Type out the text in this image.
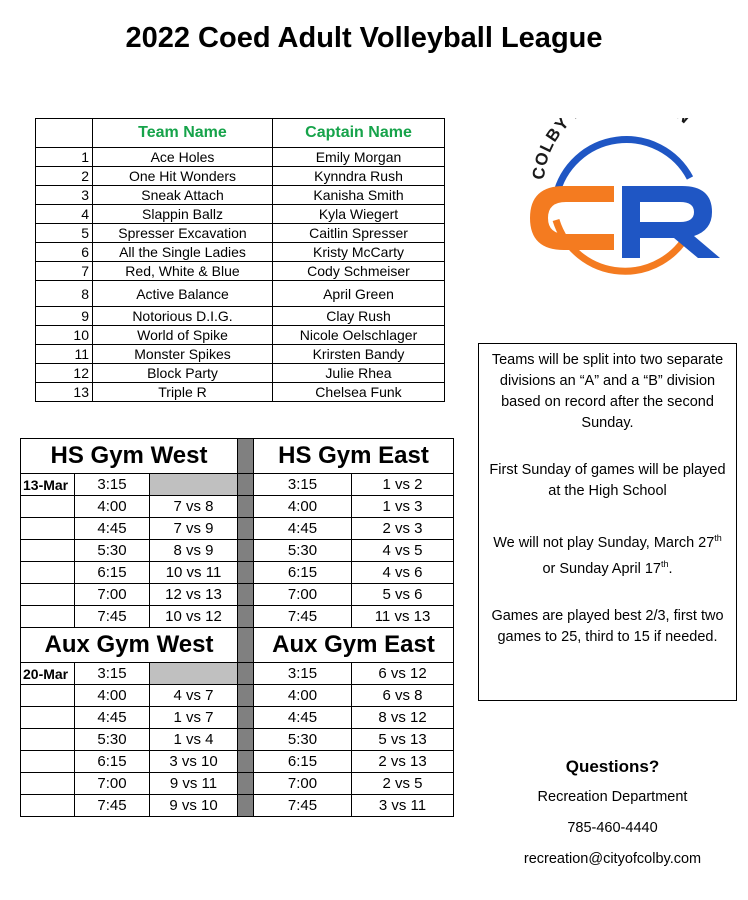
2022 Coed Adult Volleyball League
	Team Name	Captain Name
1	Ace Holes	Emily Morgan
2	One Hit Wonders	Kynndra Rush
3	Sneak Attach	Kanisha Smith
4	Slappin Ballz	Kyla Wiegert
5	Spresser Excavation	Caitlin Spresser
6	All the Single Ladies	Kristy McCarty
7	Red, White & Blue	Cody Schmeiser
8	Active Balance	April Green
9	Notorious D.I.G.	Clay Rush
10	World of Spike	Nicole Oelschlager
11	Monster Spikes	Krirsten Bandy
12	Block Party	Julie Rhea
13	Triple R	Chelsea Funk
COLBY

Teams will be split into two separate divisions an “A” and a “B” division based on record after the second Sunday.

First Sunday of games will be played at the High School

We will not play Sunday, March 27th or Sunday April 17th.

Games are played best 2/3, first two games to 25, third to 15 if needed.

HS Gym West				HS Gym East	
13-Mar	3:15			3:15	1 vs 2
	4:00	7 vs 8		4:00	1 vs 3
	4:45	7 vs 9		4:45	2 vs 3
	5:30	8 vs 9		5:30	4 vs 5
	6:15	10 vs 11		6:15	4 vs 6
	7:00	12 vs 13		7:00	5 vs 6
	7:45	10 vs 12		7:45	11 vs 13
Aux Gym West				Aux Gym East	
20-Mar	3:15			3:15	6 vs 12
	4:00	4 vs 7		4:00	6 vs 8
	4:45	1 vs 7		4:45	8 vs 12
	5:30	1 vs 4		5:30	5 vs 13
	6:15	3 vs 10		6:15	2 vs 13
	7:00	9 vs 11		7:00	2 vs 5
	7:45	9 vs 10		7:45	3 vs 11
Questions?
Recreation Department
785-460-4440
recreation@cityofcolby.com
